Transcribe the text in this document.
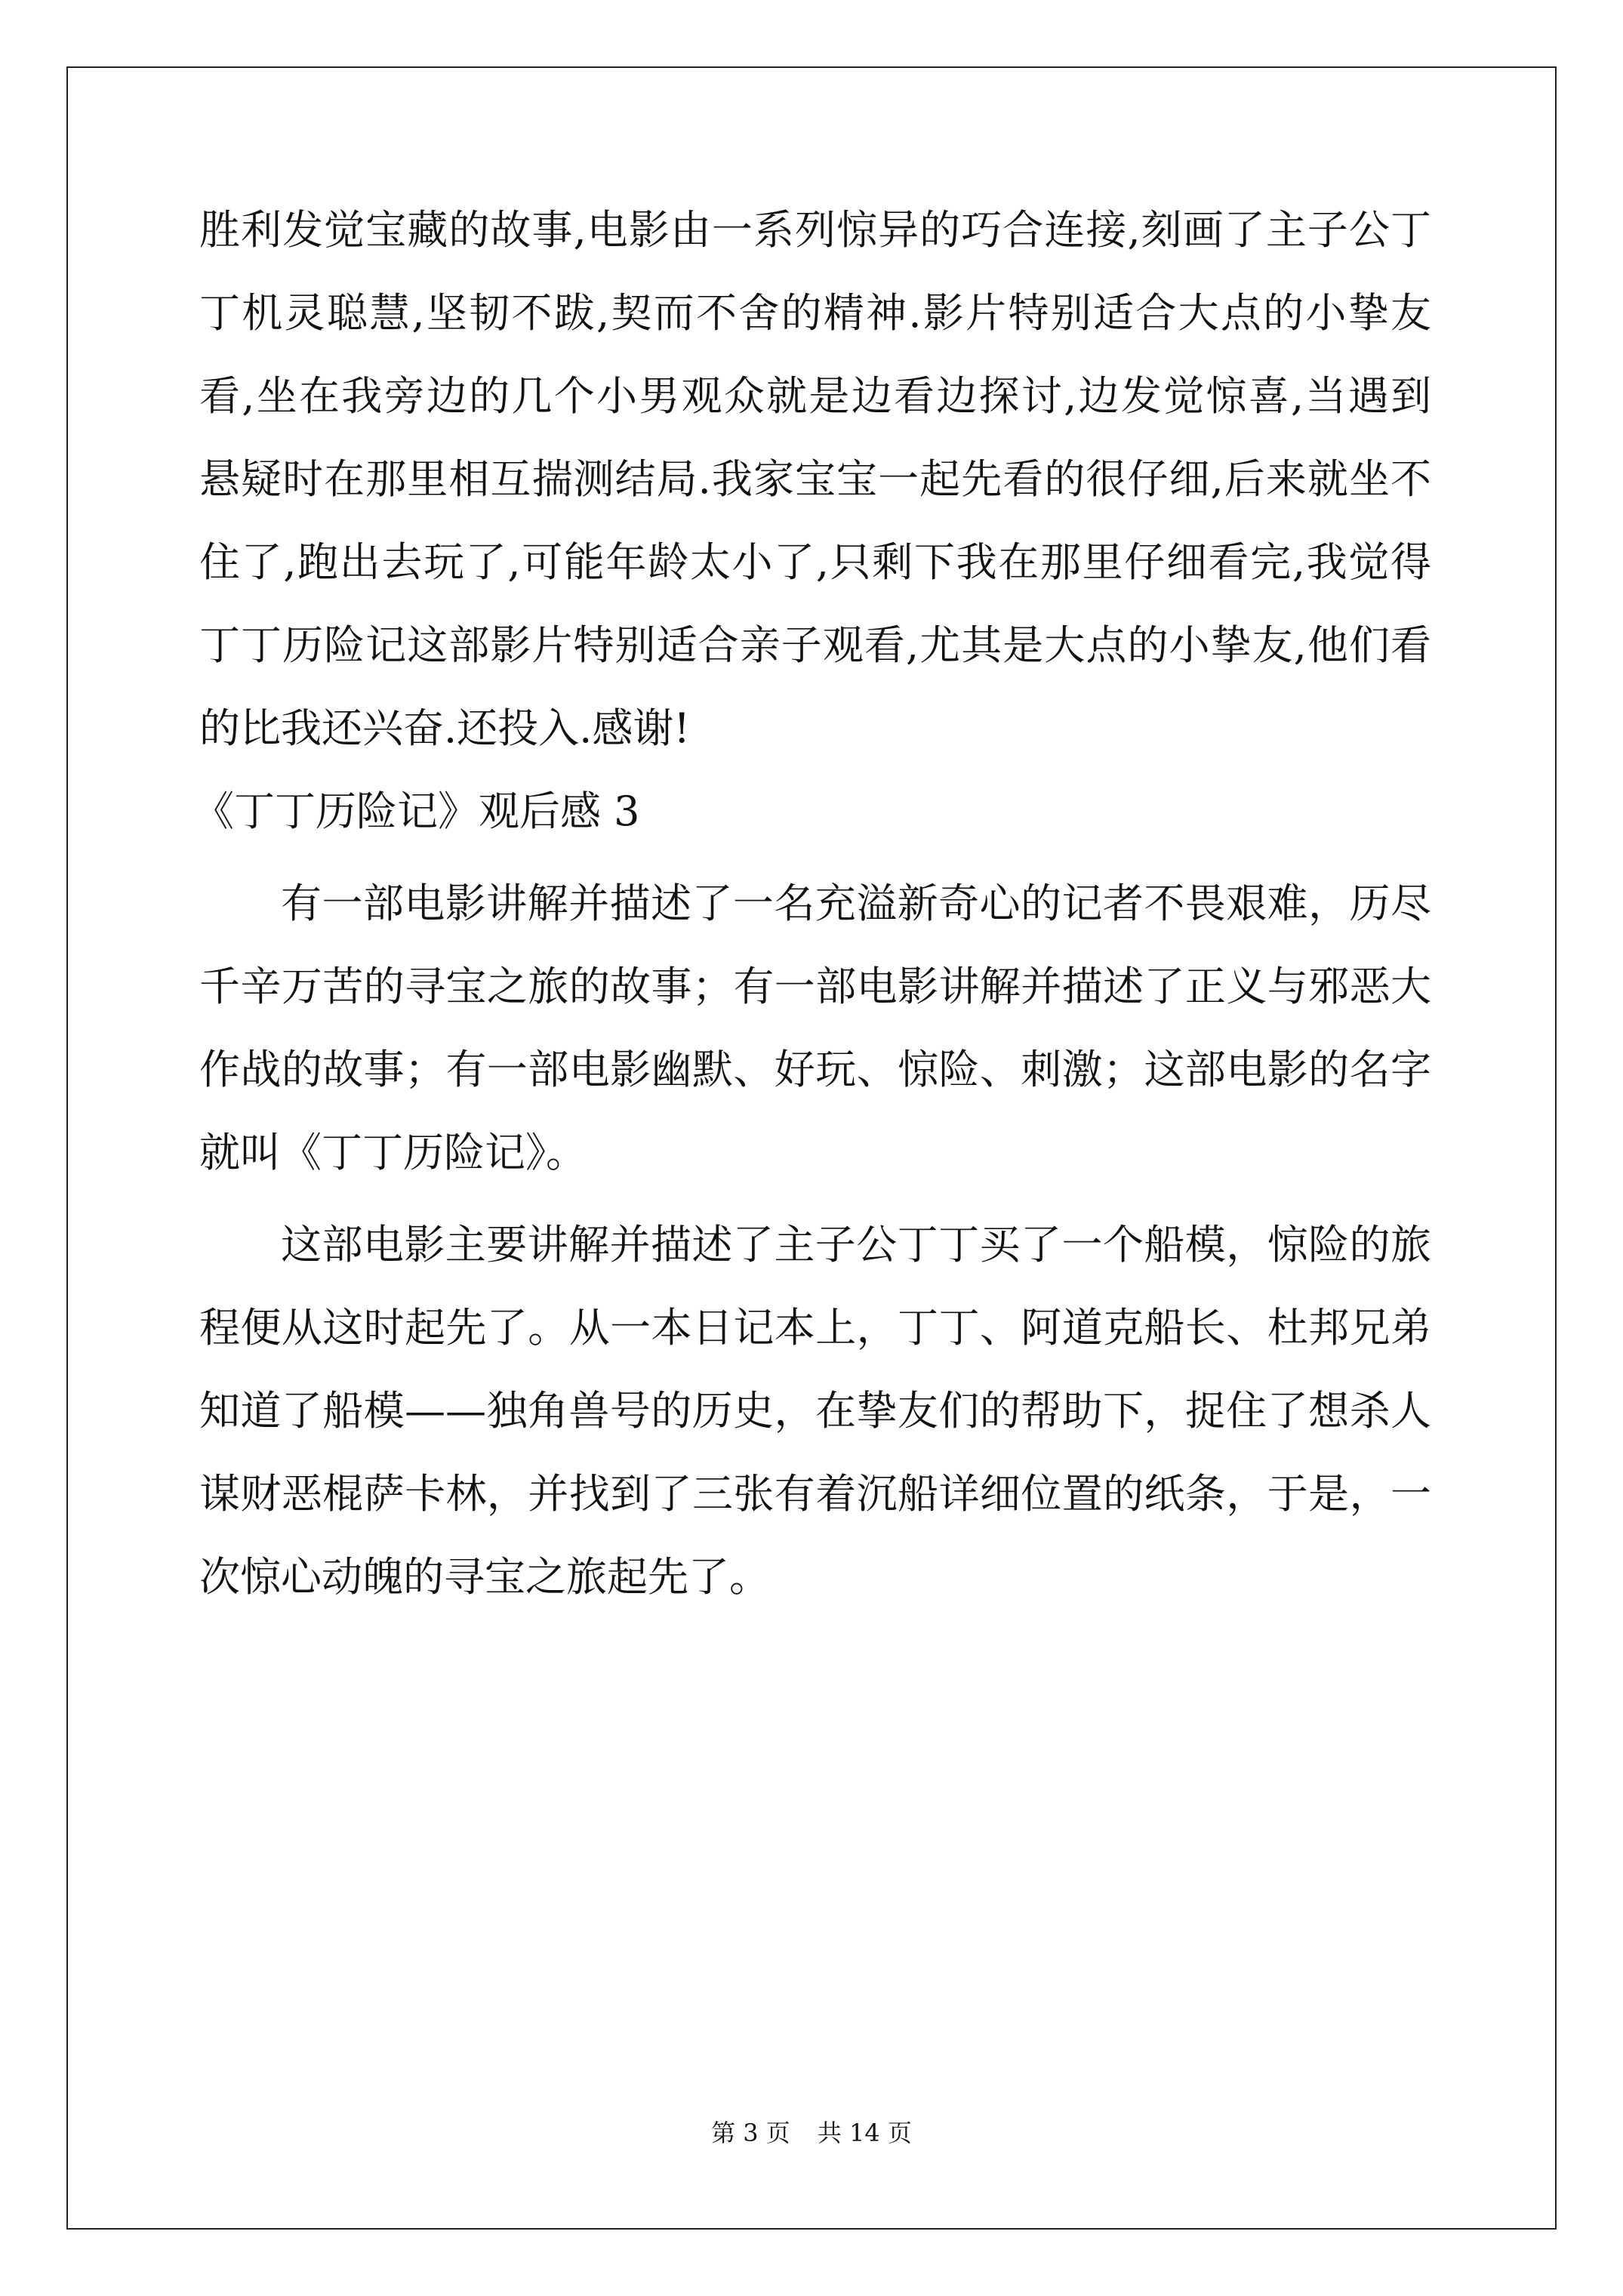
胜利发觉宝藏的故事,电影由一系列惊异的巧合连接,刻画了主子公丁
丁机灵聪慧,坚韧不跋,契而不舍的精神.影片特别适合大点的小挚友
看,坐在我旁边的几个小男观众就是边看边探讨,边发觉惊喜,当遇到
悬疑时在那里相互揣测结局.我家宝宝一起先看的很仔细,后来就坐不
住了,跑出去玩了,可能年龄太小了,只剩下我在那里仔细看完,我觉得
丁丁历险记这部影片特别适合亲子观看,尤其是大点的小挚友,他们看
的比我还兴奋.还投入.感谢!
《丁丁历险记》观后感 3
有一部电影讲解并描述了一名充溢新奇心的记者不畏艰难，历尽
千辛万苦的寻宝之旅的故事；有一部电影讲解并描述了正义与邪恶大
作战的故事；有一部电影幽默、好玩、惊险、刺激；这部电影的名字
就叫《丁丁历险记》。
这部电影主要讲解并描述了主子公丁丁买了一个船模，惊险的旅
程便从这时起先了。从一本日记本上，丁丁、阿道克船长、杜邦兄弟
知道了船模——独角兽号的历史，在挚友们的帮助下，捉住了想杀人
谋财恶棍萨卡林，并找到了三张有着沉船详细位置的纸条，于是，一
次惊心动魄的寻宝之旅起先了。
第 3 页 共 14 页
